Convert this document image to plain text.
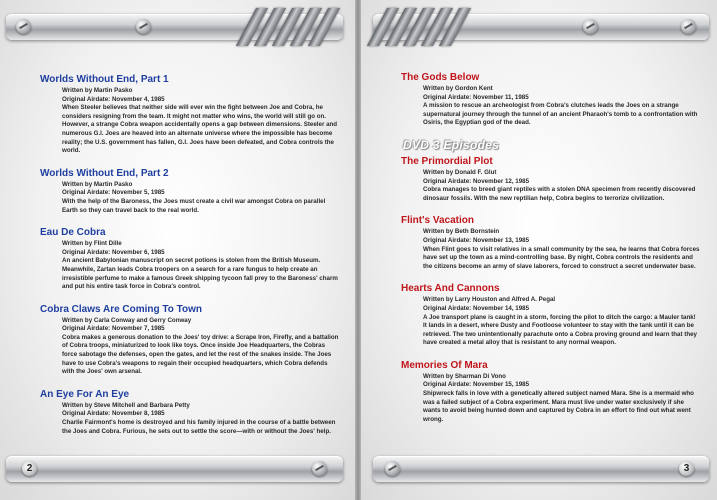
Worlds Without End, Part 1
Written by Martin Pasko
Original Airdate: November 4, 1985
When Steeler believes that neither side will ever win the fight between Joe and Cobra, he considers resigning from the team. It might not matter who wins, the world will still go on. However, a strange Cobra weapon accidentally opens a gap between dimensions. Steeler and numerous G.I. Joes are heaved into an alternate universe where the impossible has become reality; the U.S. government has fallen, G.I. Joes have been defeated, and Cobra controls the world.
Worlds Without End, Part 2
Written by Martin Pasko
Original Airdate: November 5, 1985
With the help of the Baroness, the Joes must create a civil war amongst Cobra on parallel Earth so they can travel back to the real world.
Eau De Cobra
Written by Flint Dille
Original Airdate: November 6, 1985
An ancient Babylonian manuscript on secret potions is stolen from the British Museum. Meanwhile, Zartan leads Cobra troopers on a search for a rare fungus to help create an irresistible perfume to make a famous Greek shipping tycoon fall prey to the Baroness' charm and put his entire task force in Cobra's control.
Cobra Claws Are Coming To Town
Written by Carla Conway and Gerry Conway
Original Airdate: November 7, 1985
Cobra makes a generous donation to the Joes' toy drive: a Scrape Iron, Firefly, and a battalion of Cobra troops, miniaturized to look like toys. Once inside Joe Headquarters, the Cobras force sabotage the defenses, open the gates, and let the rest of the snakes inside. The Joes have to use Cobra's weapons to regain their occupied headquarters, which Cobra defends with the Joes' own arsenal.
An Eye For An Eye
Written by Steve Mitchell and Barbara Petty
Original Airdate: November 8, 1985
Charlie Fairmont's home is destroyed and his family injured in the course of a battle between the Joes and Cobra. Furious, he sets out to settle the score—with or without the Joes' help.
2
The Gods Below
Written by Gordon Kent
Original Airdate: November 11, 1985
A mission to rescue an archeologist from Cobra's clutches leads the Joes on a strange supernatural journey through the tunnel of an ancient Pharaoh's tomb to a confrontation with Osiris, the Egyptian god of the dead.
DVD 3 Episodes
The Primordial Plot
Written by Donald F. Glut
Original Airdate: November 12, 1985
Cobra manages to breed giant reptiles with a stolen DNA specimen from recently discovered dinosaur fossils. With the new reptilian help, Cobra begins to terrorize civilization.
Flint's Vacation
Written by Beth Bornstein
Original Airdate: November 13, 1985
When Flint goes to visit relatives in a small community by the sea, he learns that Cobra forces have set up the town as a mind-controlling base. By night, Cobra controls the residents and the citizens become an army of slave laborers, forced to construct a secret underwater base.
Hearts And Cannons
Written by Larry Houston and Alfred A. Pegal
Original Airdate: November 14, 1985
A Joe transport plane is caught in a storm, forcing the pilot to ditch the cargo: a Mauler tank! It lands in a desert, where Dusty and Footloose volunteer to stay with the tank until it can be retrieved. The two unintentionally parachute onto a Cobra proving ground and learn that they have created a metal alloy that is resistant to any normal weapon.
Memories Of Mara
Written by Sharman Di Vono
Original Airdate: November 15, 1985
Shipwreck falls in love with a genetically altered subject named Mara. She is a mermaid who was a failed subject of a Cobra experiment. Mara must live under water exclusively if she wants to avoid being hunted down and captured by Cobra in an effort to find out what went wrong.
3
